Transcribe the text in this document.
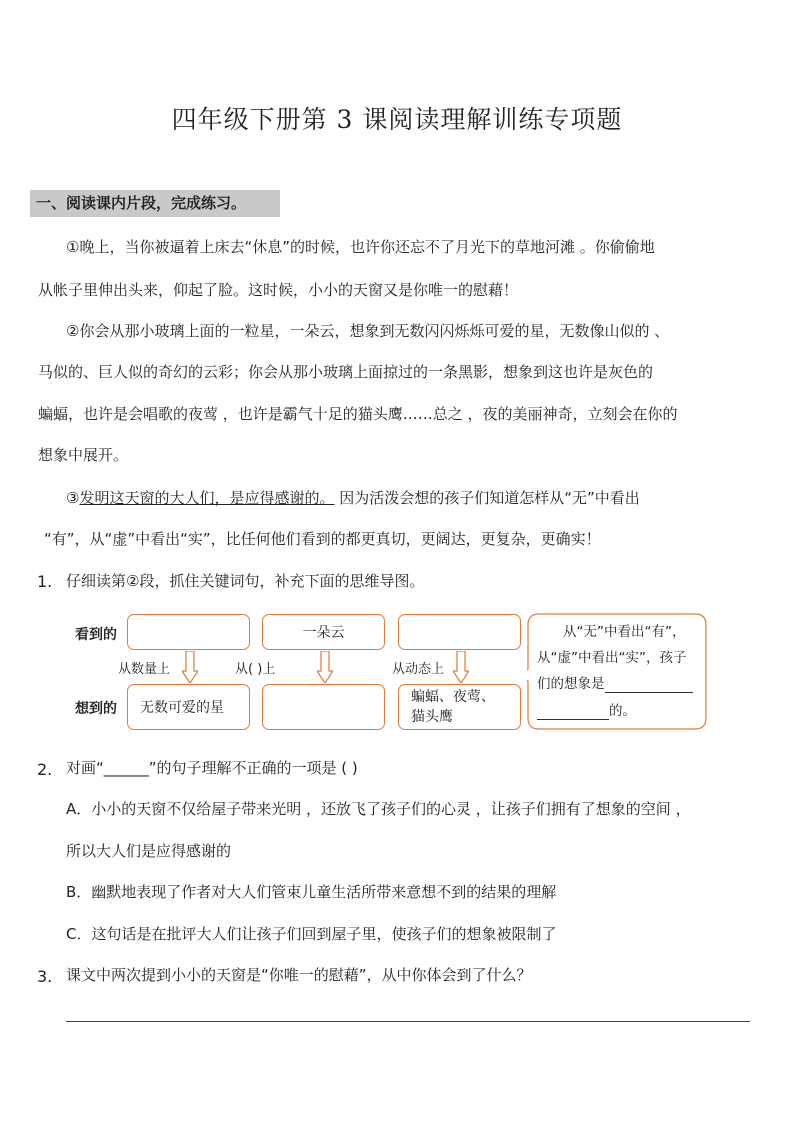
四年级下册第 3 课阅读理解训练专项题
一、阅读课内片段，完成练习。
①晚上，当你被逼着上床去“休息”的时候，也许你还忘不了月光下的草地河滩 。你偷偷地
从帐子里伸出头来，仰起了脸。这时候，小小的天窗又是你唯一的慰藉！
②你会从那小玻璃上面的一粒星，一朵云，想象到无数闪闪烁烁可爱的星，无数像山似的 、
马似的、巨人似的奇幻的云彩；你会从那小玻璃上面掠过的一条黑影，想象到这也许是灰色的
蝙蝠，也许是会唱歌的夜莺 ，也许是霸气十足的猫头鹰……总之 ，夜的美丽神奇，立刻会在你的
想象中展开。
③发明这天窗的大人们，是应得感谢的。 因为活泼会想的孩子们知道怎样从“无”中看出
“有”，从“虚”中看出“实”，比任何他们看到的都更真切，更阔达，更复杂，更确实！
1. 仔细读第②段，抓住关键词句，补充下面的思维导图。
看到的
想到的
一朵云
从数量上	从( )上	从动态上
无数可爱的星
蝙蝠、夜莺、
猫头鹰
从“无”中看出“有”，
从“虚”中看出“实”，孩子
们的想象是
的。
2. 对画“______”的句子理解不正确的一项是 ( )
A．小小的天窗不仅给屋子带来光明 ，还放飞了孩子们的心灵 ，让孩子们拥有了想象的空间 ，
所以大人们是应得感谢的
B．幽默地表现了作者对大人们管束儿童生活所带来意想不到的结果的理解
C．这句话是在批评大人们让孩子们回到屋子里，使孩子们的想象被限制了
3. 课文中两次提到小小的天窗是“你唯一的慰藉”，从中你体会到了什么？
